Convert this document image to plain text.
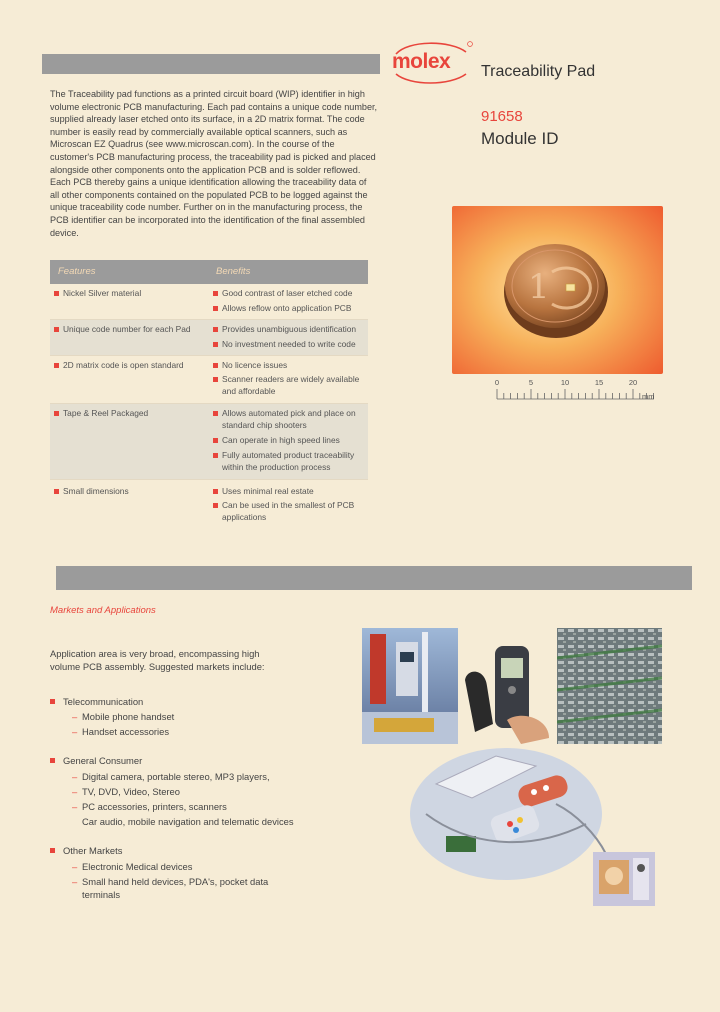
molex Traceability Pad
91658
Module ID

The Traceability pad functions as a printed circuit board (WIP) identifier in high volume electronic PCB manufacturing. Each pad contains a unique code number, supplied already laser etched onto its surface, in a 2D matrix format. The code number is easily read by commercially available optical scanners, such as Microscan EZ Quadrus (see www.microscan.com). In the course of the customer's PCB manufacturing process, the traceability pad is picked and placed alongside other components onto the application PCB and is solder reflowed. Each PCB thereby gains a unique identification allowing the traceability data of all other components contained on the populated PCB to be logged against the unique traceability code number. Further on in the manufacturing process, the PCB identifier can be incorporated into the identification of the final assembled device.

1
0	5	10	15	20
mm
Features	Benefits
Nickel Silver material	Good contrast of laser etched code
Allows reflow onto application PCB
Unique code number for each Pad	Provides unambiguous identification
No investment needed to write code
2D matrix code is open standard	No licence issues
Scanner readers are widely available and affordable
Tape & Reel Packaged	Allows automated pick and place on standard chip shooters
Can operate in high speed lines
Fully automated product traceability within the production process
Small dimensions	Uses minimal real estate
Can be used in the smallest of PCB applications
Markets and Applications

Application area is very broad, encompassing high volume PCB assembly. Suggested markets include:

Telecommunication
– Mobile phone handset
– Handset accessories
General Consumer
– Digital camera, portable stereo, MP3 players,
– TV, DVD, Video, Stereo
– PC accessories, printers, scanners
Car audio, mobile navigation and telematic devices
Other Markets
– Electronic Medical devices
– Small hand held devices, PDA's, pocket data terminals
